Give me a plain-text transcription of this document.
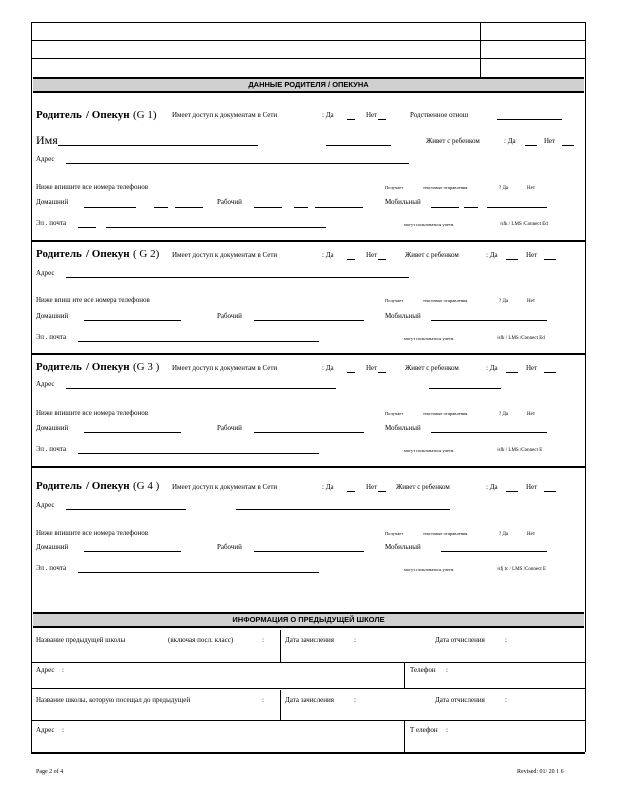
ДАННЫЕ РОДИТЕЛЯ / ОПЕКУНА
Родитель / Опекун (G 1) Имеет доступ к документам в Сети	: Да	Нет	Родственное отнош
Имя	Живет с ребенком	: Да	Нет
Адрес
Ниже впишите все номера телефонов	Получает	текстовые отправления	? Да	Нет
Домашний	Рабочий	Мобильный
Эл . почта	могут пользоваться учетн.	/sfk / LMS /Connect Ed
Родитель / Опекун ( G 2) Имеет доступ к документам в Сети	: Да	Нет	Живет с ребенком	: Да	Нет
Адрес
Ниже впиш ите все номера телефонов	Получает	текстовые отправления	? Да	Нет
Домашний	Рабочий	Мобильный
Эл . почта	могут пользоваться учетн.	/sfk / LMS /Connect Ed
Родитель / Опекун (G 3 ) Имеет доступ к документам в Сети	: Да	Нет	Живет с ребенком	: Да	Нет
Адрес
Ниже впишите все номера телефонов	Получает	текстовые отправления	? Да	Нет
Домашний	Рабочий	Мобильный
Эл . почта	могут пользоваться учетн.	/sfk / LMS /Connect E
Родитель / Опекун (G 4 ) Имеет доступ к документам в Сети	: Да	Нет	Живет с ребенком	: Да	Нет
Адрес
Ниже впишите все номера телефонов	Получает	текстовые отправления	? Да	Нет
Домашний	Рабочий	Мобильный
Эл . почта	могут пользоваться учетн.	/sfj tc / LMS /Connect E
ИНФОРМАЦИЯ О ПРЕДЫДУЩЕЙ ШКОЛЕ
Название предыдущей школы	(включая посл. класс)	:	Дата зачисления	:	Дата отчисления	:
Адрес :	Телефон :
Название школы, которую посещал до предыдущей	:	Дата зачисления	:	Дата отчисления	:
Адрес :	Т елефон :
Page 2 of 4	Revised: 01/ 20 1 6
